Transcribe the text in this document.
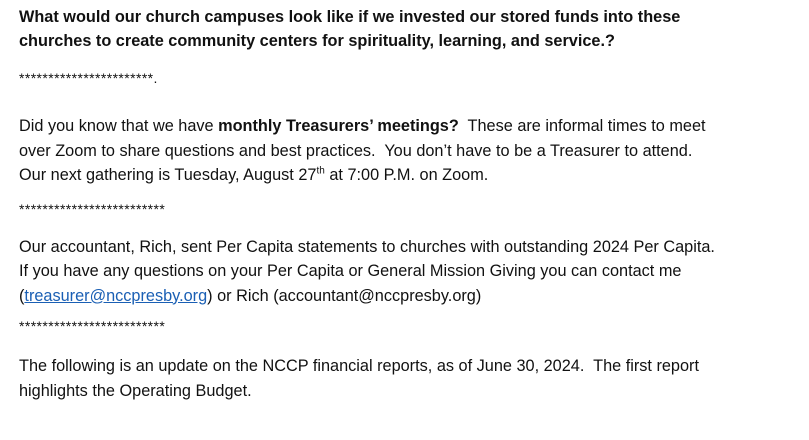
What would our church campuses look like if we invested our stored funds into these
churches to create community centers for spirituality, learning, and service.?
***********************.
Did you know that we have monthly Treasurers’ meetings?  These are informal times to meet
over Zoom to share questions and best practices.  You don’t have to be a Treasurer to attend.
Our next gathering is Tuesday, August 27th at 7:00 P.M. on Zoom.
*************************
Our accountant, Rich, sent Per Capita statements to churches with outstanding 2024 Per Capita.
If you have any questions on your Per Capita or General Mission Giving you can contact me
(treasurer@nccpresby.org) or Rich (accountant@nccpresby.org)
*************************
The following is an update on the NCCP financial reports, as of June 30, 2024.  The first report
highlights the Operating Budget.
